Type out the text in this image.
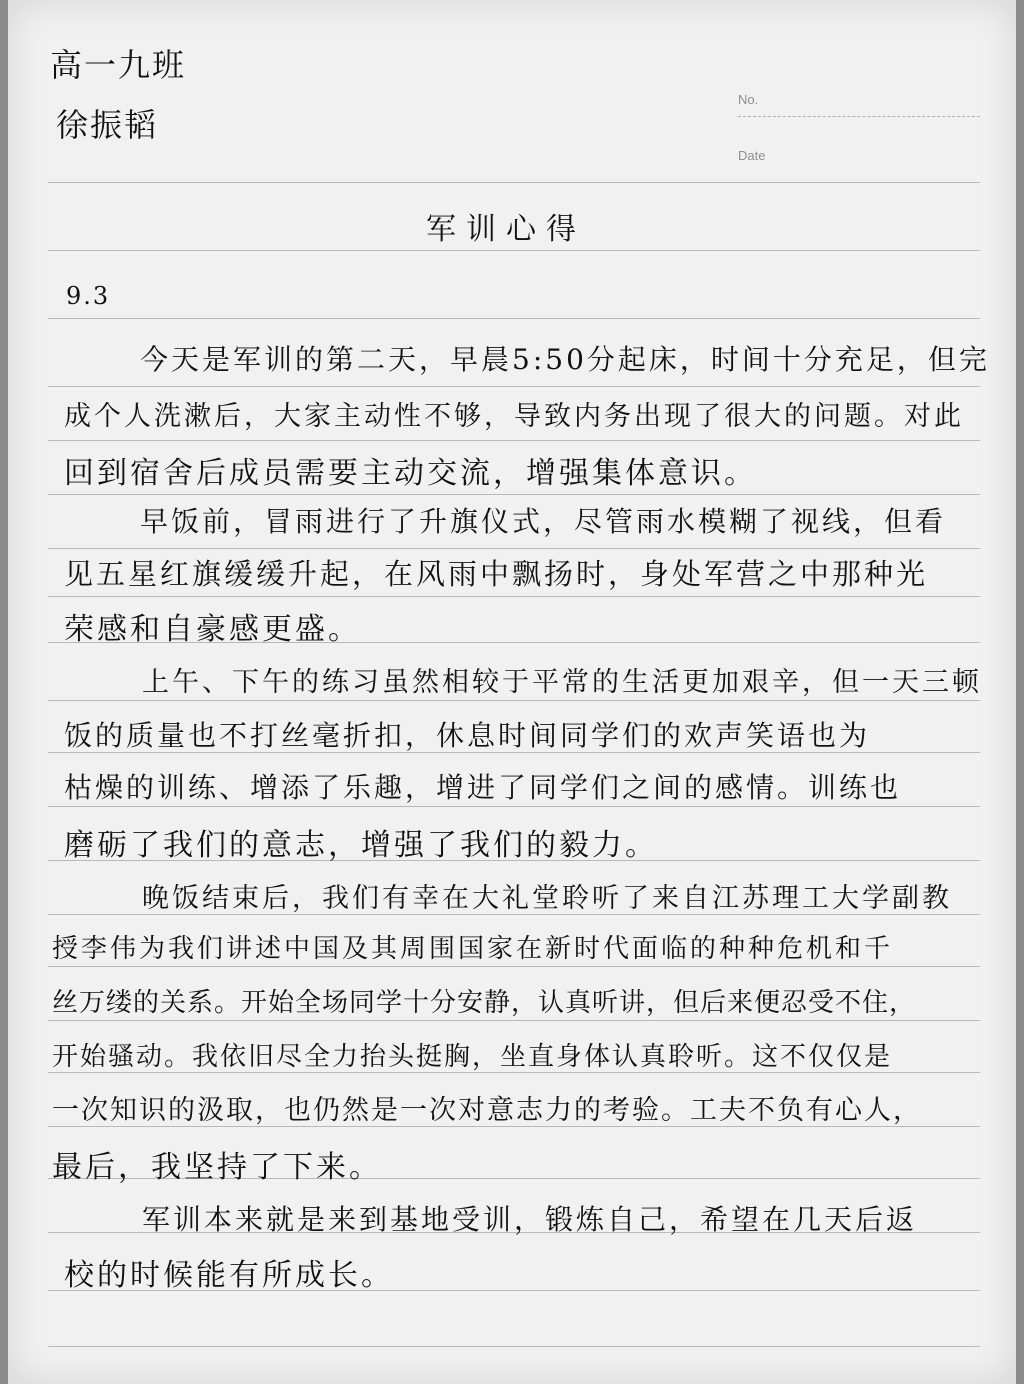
No.
Date
高一九班
徐振韬
军训心得
9.3
今天是军训的第二天，早晨5:50分起床，时间十分充足，但完
成个人洗漱后，大家主动性不够，导致内务出现了很大的问题。对此
回到宿舍后成员需要主动交流，增强集体意识。
早饭前，冒雨进行了升旗仪式，尽管雨水模糊了视线，但看
见五星红旗缓缓升起，在风雨中飘扬时，身处军营之中那种光
荣感和自豪感更盛。
上午、下午的练习虽然相较于平常的生活更加艰辛，但一天三顿
饭的质量也不打丝毫折扣，休息时间同学们的欢声笑语也为
枯燥的训练、增添了乐趣，增进了同学们之间的感情。训练也
磨砺了我们的意志，增强了我们的毅力。
晚饭结束后，我们有幸在大礼堂聆听了来自江苏理工大学副教
授李伟为我们讲述中国及其周围国家在新时代面临的种种危机和千
丝万缕的关系。开始全场同学十分安静，认真听讲，但后来便忍受不住，
开始骚动。我依旧尽全力抬头挺胸，坐直身体认真聆听。这不仅仅是
一次知识的汲取，也仍然是一次对意志力的考验。工夫不负有心人，
最后，我坚持了下来。
军训本来就是来到基地受训，锻炼自己，希望在几天后返
校的时候能有所成长。
